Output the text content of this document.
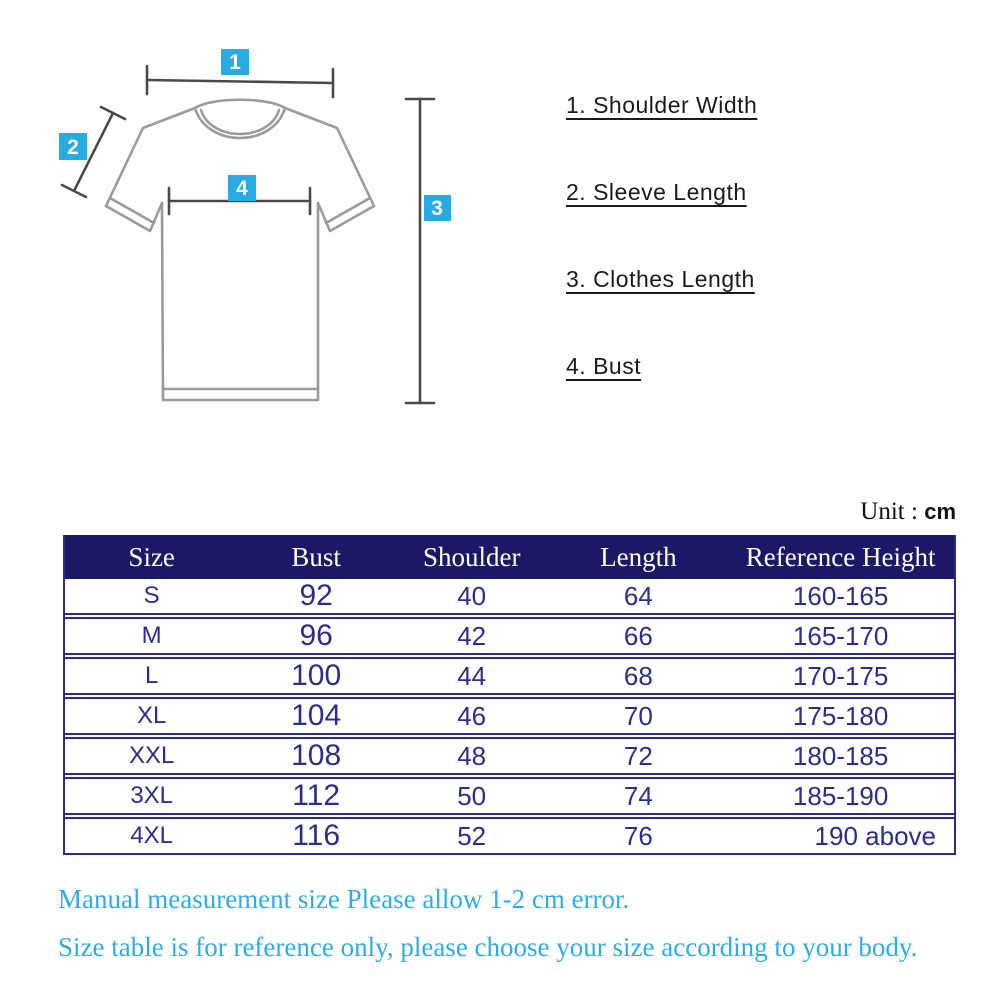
1
2
3
4
1. Shoulder Width
2. Sleeve Length
3. Clothes Length
4. Bust
Unit : cm
Size	Bust	Shoulder	Length	Reference Height
S	92	40	64	160-165
M	96	42	66	165-170
L	100	44	68	170-175
XL	104	46	70	175-180
XXL	108	48	72	180-185
3XL	112	50	74	185-190
4XL	116	52	76	190 above

Manual measurement size Please allow 1-2 cm error.

Size table is for reference only, please choose your size according to your body.
